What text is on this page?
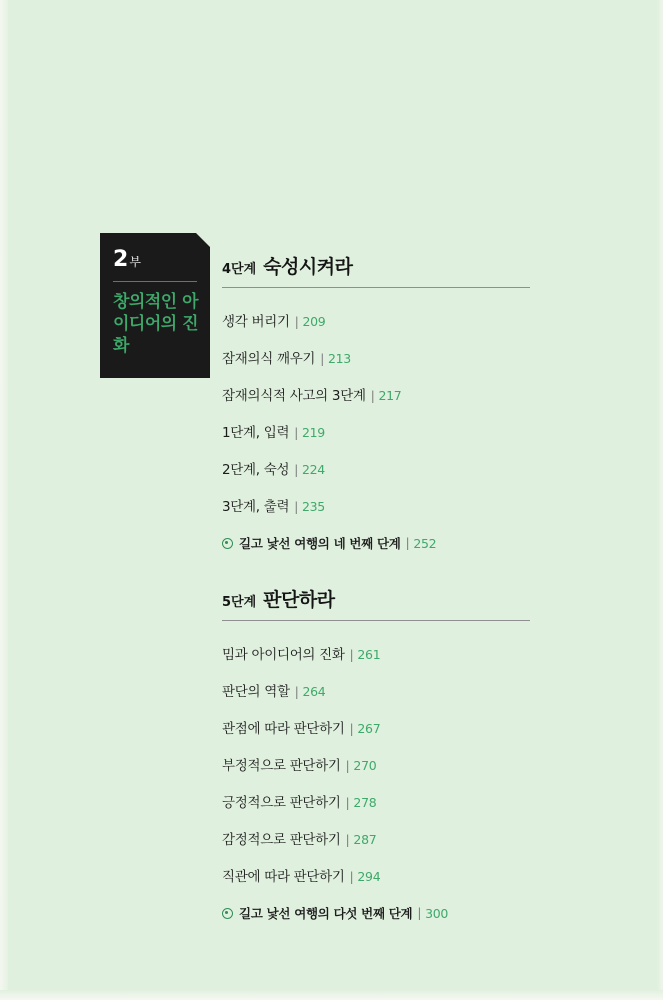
2부
창의적인 아이디어의 진화
4단계 숙성시켜라
생각 버리기 | 209
잠재의식 깨우기 | 213
잠재의식적 사고의 3단계 | 217
1단계, 입력 | 219
2단계, 숙성 | 224
3단계, 출력 | 235
길고 낯선 여행의 네 번째 단계 | 252
5단계 판단하라
밈과 아이디어의 진화 | 261
판단의 역할 | 264
관점에 따라 판단하기 | 267
부정적으로 판단하기 | 270
긍정적으로 판단하기 | 278
감정적으로 판단하기 | 287
직관에 따라 판단하기 | 294
길고 낯선 여행의 다섯 번째 단계 | 300
